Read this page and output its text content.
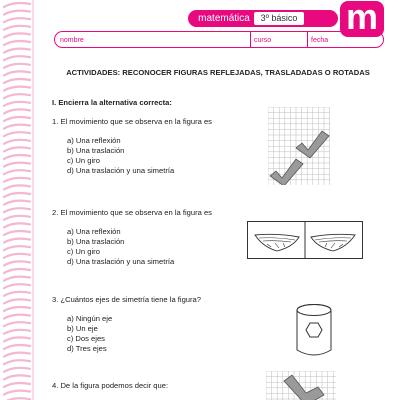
matemática	3º básico m
nombre	curso	fecha
ACTIVIDADES: RECONOCER FIGURAS REFLEJADAS, TRASLADADAS O ROTADAS
I. Encierra la alternativa correcta:
1. El movimiento que se observa en la figura es
a) Una reflexión
b) Una traslación
c) Un giro
d) Una traslación y una simetría
2. El movimiento que se observa en la figura es
a) Una reflexión
b) Una traslación
c) Un giro
d) Una traslación y una simetría
3. ¿Cuántos ejes de simetría tiene la figura?
a) Ningún eje
b) Un eje
c) Dos ejes
d) Tres ejes
4. De la figura podemos decir que:
